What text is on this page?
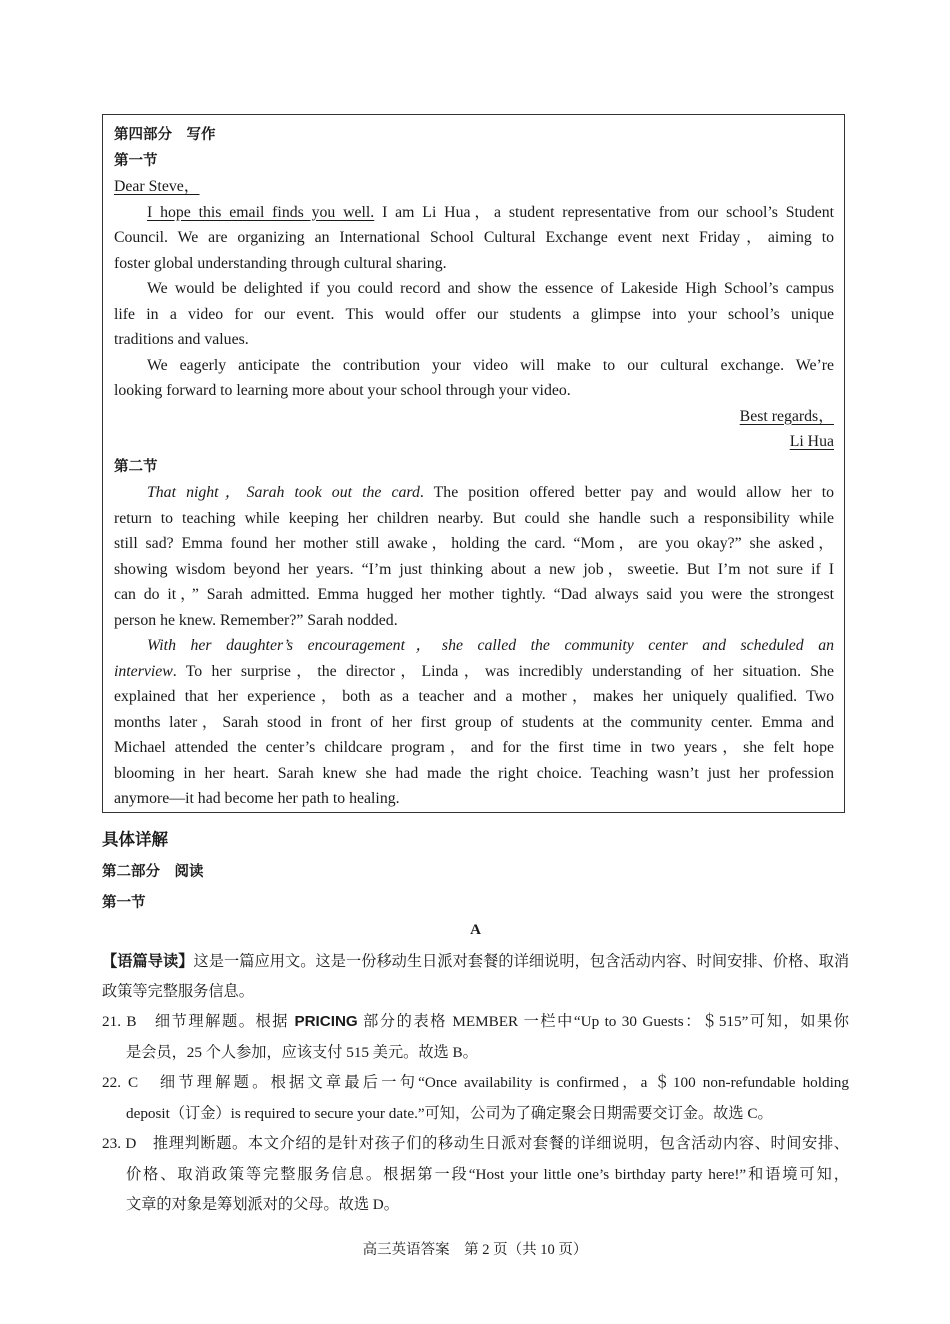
第四部分　写作
第一节
Dear Steve，
I hope this email finds you well. I am Li Hua，a student representative from our school’s Student
Council. We are organizing an International School Cultural Exchange event next Friday，aiming to
foster global understanding through cultural sharing.
We would be delighted if you could record and show the essence of Lakeside High School’s campus
life in a video for our event. This would offer our students a glimpse into your school’s unique
traditions and values.
We eagerly anticipate the contribution your video will make to our cultural exchange. We’re
looking forward to learning more about your school through your video.
Best regards，
Li Hua
第二节
That night，Sarah took out the card. The position offered better pay and would allow her to
return to teaching while keeping her children nearby. But could she handle such a responsibility while
still sad? Emma found her mother still awake，holding the card. “Mom，are you okay?” she asked，
showing wisdom beyond her years. “I’m just thinking about a new job，sweetie. But I’m not sure if I
can do it，” Sarah admitted. Emma hugged her mother tightly. “Dad always said you were the strongest
person he knew. Remember?” Sarah nodded.
With her daughter’s encouragement，she called the community center and scheduled an
interview. To her surprise，the director，Linda，was incredibly understanding of her situation. She
explained that her experience，both as a teacher and a mother，makes her uniquely qualified. Two
months later，Sarah stood in front of her first group of students at the community center. Emma and
Michael attended the center’s childcare program，and for the first time in two years，she felt hope
blooming in her heart. Sarah knew she had made the right choice. Teaching wasn’t just her profession
anymore—it had become her path to healing.
具体详解
第二部分　阅读
第一节
A
【语篇导读】这是一篇应用文。这是一份移动生日派对套餐的详细说明，包含活动内容、时间安排、价格、取消
政策等完整服务信息。
21. B　细节理解题。根据 PRICING 部分的表格 MEMBER 一栏中“Up to 30 Guests：＄515”可知，如果你
是会员，25 个人参加，应该支付 515 美元。故选 B。
22. C　细节理解题。根据文章最后一句“Once availability is confirmed，a ＄100 non-refundable holding
deposit（订金）is required to secure your date.”可知，公司为了确定聚会日期需要交订金。故选 C。
23. D　推理判断题。本文介绍的是针对孩子们的移动生日派对套餐的详细说明，包含活动内容、时间安排、
价格、取消政策等完整服务信息。根据第一段“Host your little one’s birthday party here!”和语境可知，
文章的对象是筹划派对的父母。故选 D。
高三英语答案　第 2 页（共 10 页）
